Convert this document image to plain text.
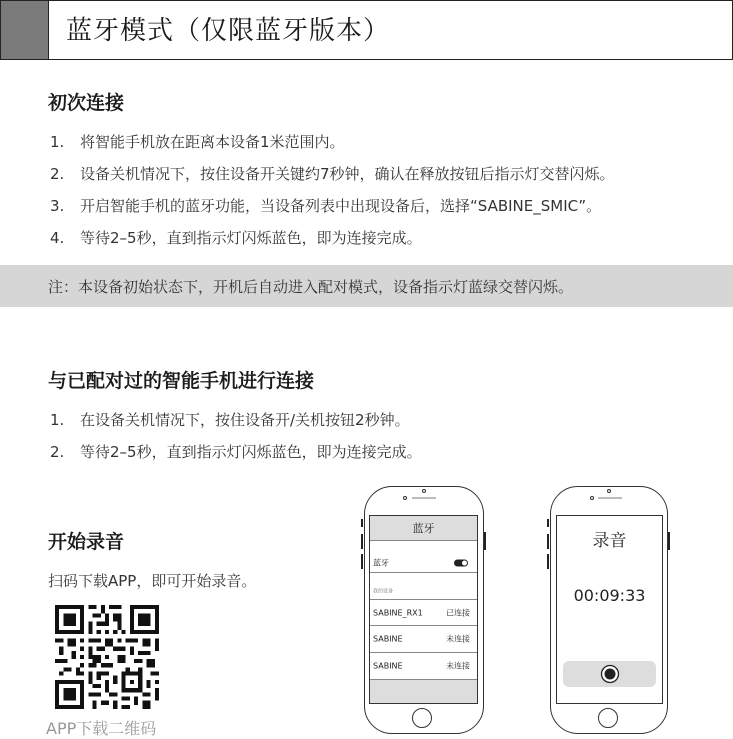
蓝牙模式（仅限蓝牙版本）
初次连接
1. 将智能手机放在距离本设备1米范围内。
2. 设备关机情况下，按住设备开关键约7秒钟，确认在释放按钮后指示灯交替闪烁。
3. 开启智能手机的蓝牙功能，当设备列表中出现设备后，选择“SABINE_SMIC”。
4. 等待2–5秒，直到指示灯闪烁蓝色，即为连接完成。
注：本设备初始状态下，开机后自动进入配对模式，设备指示灯蓝绿交替闪烁。
与已配对过的智能手机进行连接
1. 在设备关机情况下，按住设备开/关机按钮2秒钟。
2. 等待2–5秒，直到指示灯闪烁蓝色，即为连接完成。
开始录音
扫码下载APP，即可开始录音。
APP下载二维码
蓝牙
蓝牙
我的设备
SABINE_RX1	已连接
SABINE	未连接
SABINE	未连接
录音
00:09:33
